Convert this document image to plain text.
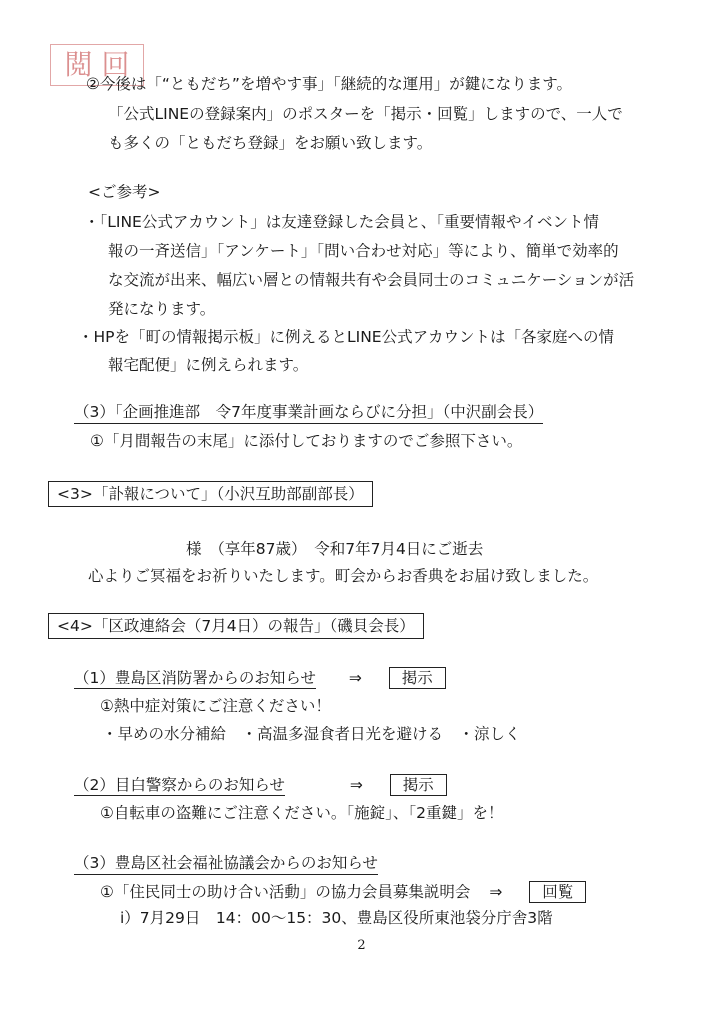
閲 回
②今後は「“ともだち”を増やす事」「継続的な運用」が鍵になります。
「公式LINEの登録案内」のポスターを「掲示・回覧」しますので、一人で
も多くの「ともだち登録」をお願い致します。
<ご参考>
・「LINE公式アカウント」は友達登録した会員と、「重要情報やイベント情
報の一斉送信」「アンケート」「問い合わせ対応」等により、簡単で効率的
な交流が出来、幅広い層との情報共有や会員同士のコミュニケーションが活
発になります。
・HPを「町の情報掲示板」に例えるとLINE公式アカウントは「各家庭への情
報宅配便」に例えられます。
（3）「企画推進部　令7年度事業計画ならびに分担」（中沢副会長）
①「月間報告の末尾」に添付しておりますのでご参照下さい。
<3>「訃報について」（小沢互助部副部長）
様　（享年87歳）　令和7年7月4日にご逝去
心よりご冥福をお祈りいたします。町会からお香典をお届け致しました。
<4>「区政連絡会（7月4日）の報告」（磯貝会長）
（1）豊島区消防署からのお知らせ ⇒	掲示
①熱中症対策にご注意ください！
・早めの水分補給　・高温多湿食者日光を避ける　・涼しく
（2）目白警察からのお知らせ	⇒	掲示
①自転車の盗難にご注意ください。「施錠」、「2重鍵」を！
（3）豊島区社会福祉協議会からのお知らせ
①「住民同士の助け合い活動」の協力会員募集説明会 ⇒	回覧
ⅰ）7月29日　14：00～15：30、豊島区役所東池袋分庁舎3階
2
